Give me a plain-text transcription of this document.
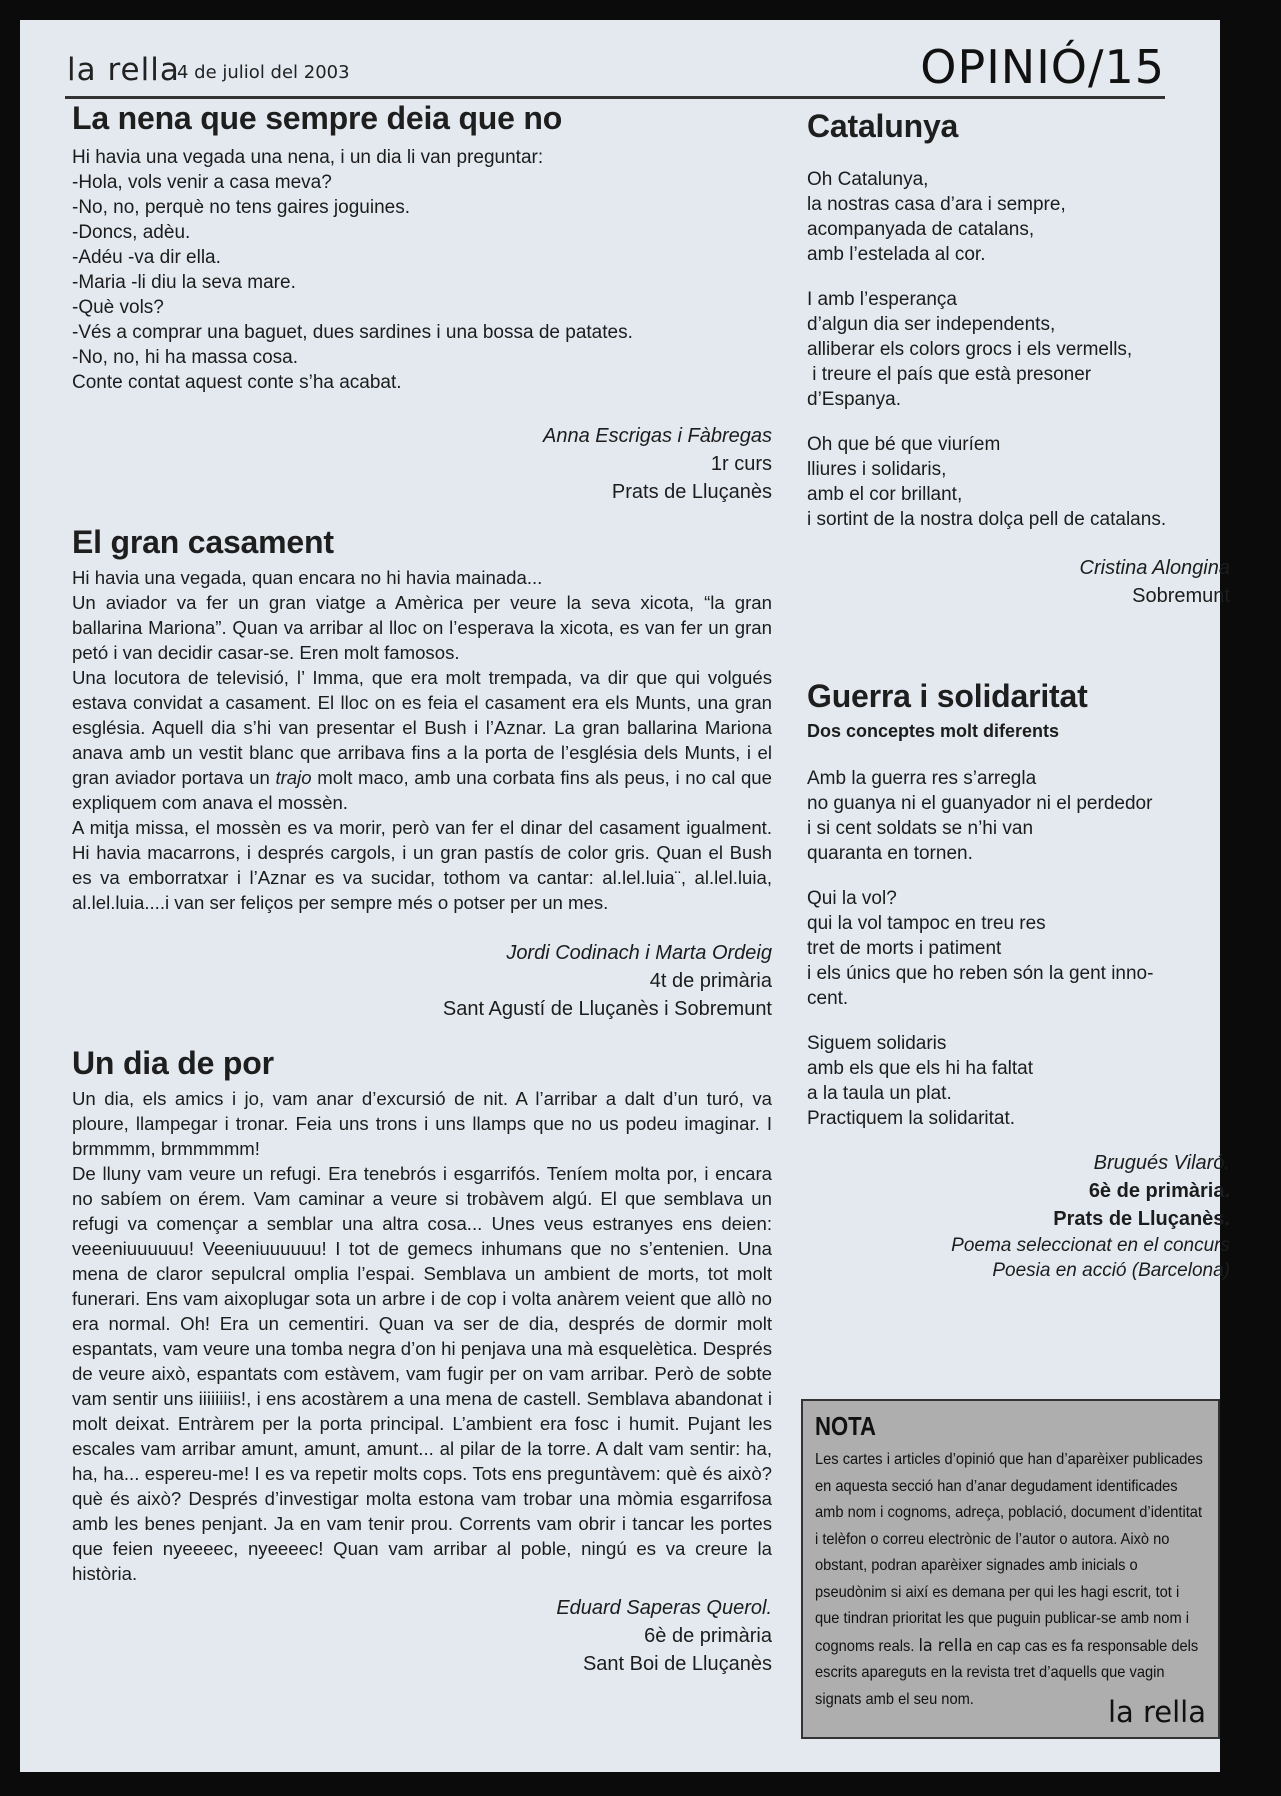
la rella
4 de juliol del 2003	OPINIÓ/15
La nena que sempre deia que no
Hi havia una vegada una nena, i un dia li van preguntar:
-Hola, vols venir a casa meva?
-No, no, perquè no tens gaires joguines.
-Doncs, adèu.
-Adéu -va dir ella.
-Maria -li diu la seva mare.
-Què vols?
-Vés a comprar una baguet, dues sardines i una bossa de patates.
-No, no, hi ha massa cosa.
Conte contat aquest conte s’ha acabat.
Anna Escrigas i Fàbregas
1r curs
Prats de Lluçanès
El gran casament

Hi havia una vegada, quan encara no hi havia mainada...

Un aviador va fer un gran viatge a Amèrica per veure la seva xicota, “la gran ballarina Mariona”. Quan va arribar al lloc on l’esperava la xicota, es van fer un gran petó i van decidir casar-se. Eren molt famosos.

Una locutora de televisió, l’ Imma, que era molt trempada, va dir que qui volgués estava convidat a casament. El lloc on es feia el casament era els Munts, una gran església. Aquell dia s’hi van presentar el Bush i l’Aznar. La gran ballarina Mariona anava amb un vestit blanc que arribava fins a la porta de l’església dels Munts, i el gran aviador portava un trajo molt maco, amb una corbata fins als peus, i no cal que expliquem com anava el mossèn.

A mitja missa, el mossèn es va morir, però van fer el dinar del casament igualment. Hi havia macarrons, i després cargols, i un gran pastís de color gris. Quan el Bush es va emborratxar i l’Aznar es va sucidar, tothom va cantar: al.lel.luia¨, al.lel.luia, al.lel.luia....i van ser feliços per sempre més o potser per un mes.

Jordi Codinach i Marta Ordeig
4t de primària
Sant Agustí de Lluçanès i Sobremunt
Un dia de por

Un dia, els amics i jo, vam anar d’excursió de nit. A l’arribar a dalt d’un turó, va ploure, llampegar i tronar. Feia uns trons i uns llamps que no us podeu imaginar. I brmmmm, brmmmmm!

De lluny vam veure un refugi. Era tenebrós i esgarrifós. Teníem molta por, i encara no sabíem on érem. Vam caminar a veure si trobàvem algú. El que semblava un refugi va començar a semblar una altra cosa... Unes veus estranyes ens deien: veeeniuuuuuu! Veeeniuuuuuu! I tot de gemecs inhumans que no s’entenien. Una mena de claror sepulcral omplia l’espai. Semblava un ambient de morts, tot molt funerari. Ens vam aixoplugar sota un arbre i de cop i volta anàrem veient que allò no era normal. Oh! Era un cementiri. Quan va ser de dia, després de dormir molt espantats, vam veure una tomba negra d’on hi penjava una mà esquelètica. Després de veure això, espantats com estàvem, vam fugir per on vam arribar. Però de sobte vam sentir uns iiiiiiiis!, i ens acostàrem a una mena de castell. Semblava abandonat i molt deixat. Entràrem per la porta principal. L’ambient era fosc i humit. Pujant les escales vam arribar amunt, amunt, amunt... al pilar de la torre. A dalt vam sentir: ha, ha, ha... espereu-me! I es va repetir molts cops. Tots ens preguntàvem: què és això? què és això? Després d’investigar molta estona vam trobar una mòmia esgarrifosa amb les benes penjant. Ja en vam tenir prou. Corrents vam obrir i tancar les portes que feien nyeeeec, nyeeeec! Quan vam arribar al poble, ningú es va creure la història.

Eduard Saperas Querol.
6è de primària
Sant Boi de Lluçanès
Catalunya
Oh Catalunya,
la nostras casa d’ara i sempre,
acompanyada de catalans,
amb l’estelada al cor.
I amb l’esperança
d’algun dia ser independents,
alliberar els colors grocs i els vermells,
i treure el país que està presoner
d’Espanya.
Oh que bé que viuríem
lliures i solidaris,
amb el cor brillant,
i sortint de la nostra dolça pell de catalans.
Cristina Alongina
Sobremunt
Guerra i solidaritat
Dos conceptes molt diferents
Amb la guerra res s’arregla
no guanya ni el guanyador ni el perdedor
i si cent soldats se n’hi van
quaranta en tornen.
Qui la vol?
qui la vol tampoc en treu res
tret de morts i patiment
i els únics que ho reben són la gent inno-
cent.
Siguem solidaris
amb els que els hi ha faltat
a la taula un plat.
Practiquem la solidaritat.
Brugués Vilaró.
6è de primària.
Prats de Lluçanès.
Poema seleccionat en el concurs
Poesia en acció (Barcelona)
NOTA
Les cartes i articles d’opinió que han d’aparèixer publicades en aquesta secció han d’anar degudament identificades amb nom i cognoms, adreça, població, document d’identitat i telèfon o correu electrònic de l’autor o autora. Això no obstant, podran aparèixer signades amb inicials o pseudònim si així es demana per qui les hagi escrit, tot i que tindran prioritat les que puguin publicar-se amb nom i cognoms reals. la rella en cap cas es fa responsable dels escrits apareguts en la revista tret d’aquells que vagin signats amb el seu nom.	la rella
